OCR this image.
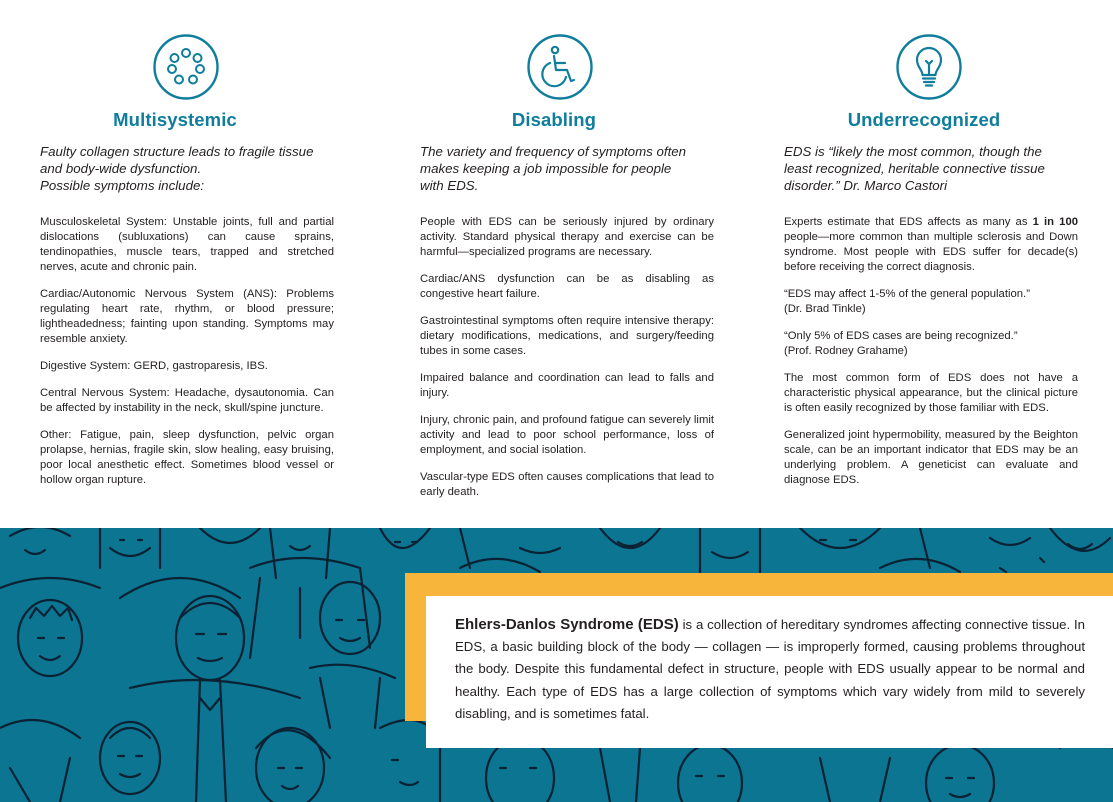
Multisystemic

Faulty collagen structure leads to fragile tissue
and body-wide dysfunction.
Possible symptoms include:

Musculoskeletal System: Unstable joints, full and partial dislocations (subluxations) can cause sprains, tendinopathies, muscle tears, trapped and stretched nerves, acute and chronic pain.

Cardiac/Autonomic Nervous System (ANS): Problems regulating heart rate, rhythm, or blood pressure; lightheadedness; fainting upon standing. Symptoms may resemble anxiety.

Digestive System: GERD, gastroparesis, IBS.

Central Nervous System: Headache, dysautonomia. Can be affected by instability in the neck, skull/spine juncture.

Other: Fatigue, pain, sleep dysfunction, pelvic organ prolapse, hernias, fragile skin, slow healing, easy bruising, poor local anesthetic effect. Sometimes blood vessel or hollow organ rupture.

Disabling

The variety and frequency of symptoms often
makes keeping a job impossible for people
with EDS.

People with EDS can be seriously injured by ordinary activity. Standard physical therapy and exercise can be harmful—specialized programs are necessary.

Cardiac/ANS dysfunction can be as disabling as congestive heart failure.

Gastrointestinal symptoms often require intensive therapy: dietary modifications, medications, and surgery/feeding tubes in some cases.

Impaired balance and coordination can lead to falls and injury.

Injury, chronic pain, and profound fatigue can severely limit activity and lead to poor school performance, loss of employment, and social isolation.

Vascular-type EDS often causes complications that lead to early death.

Underrecognized

EDS is “likely the most common, though the
least recognized, heritable connective tissue
disorder.” Dr. Marco Castori

Experts estimate that EDS affects as many as 1 in 100 people—more common than multiple sclerosis and Down syndrome. Most people with EDS suffer for decade(s) before receiving the correct diagnosis.

“EDS may affect 1-5% of the general population.”
(Dr. Brad Tinkle)

“Only 5% of EDS cases are being recognized.”
(Prof. Rodney Grahame)

The most common form of EDS does not have a characteristic physical appearance, but the clinical picture is often easily recognized by those familiar with EDS.

Generalized joint hypermobility, measured by the Beighton scale, can be an important indicator that EDS may be an underlying problem. A geneticist can evaluate and diagnose EDS.

Ehlers-Danlos Syndrome (EDS) is a collection of hereditary syndromes affecting connective tissue. In EDS, a basic building block of the body — collagen — is improperly formed, causing problems throughout the body. Despite this fundamental defect in structure, people with EDS usually appear to be normal and healthy. Each type of EDS has a large collection of symptoms which vary widely from mild to severely disabling, and is sometimes fatal.
